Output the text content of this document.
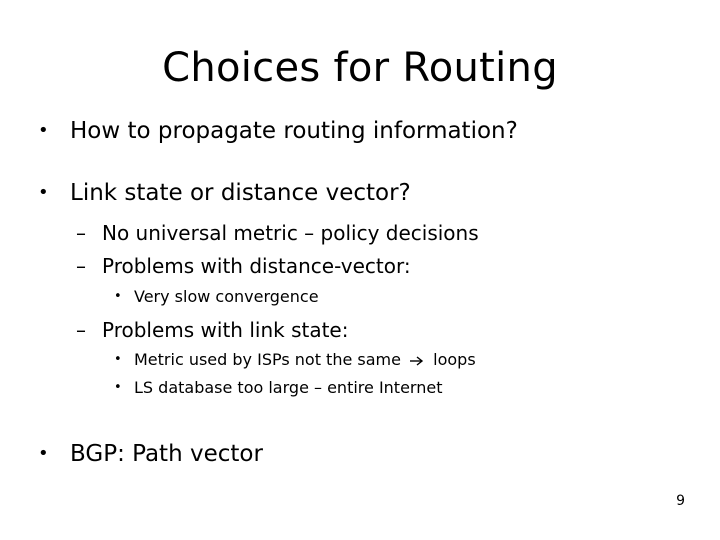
Choices for Routing
• How to propagate routing information?
• Link state or distance vector?
– No universal metric – policy decisions
– Problems with distance-vector:
• Very slow convergence
– Problems with link state:
• Metric used by ISPs not the same loops
• LS database too large – entire Internet
• BGP: Path vector
9
